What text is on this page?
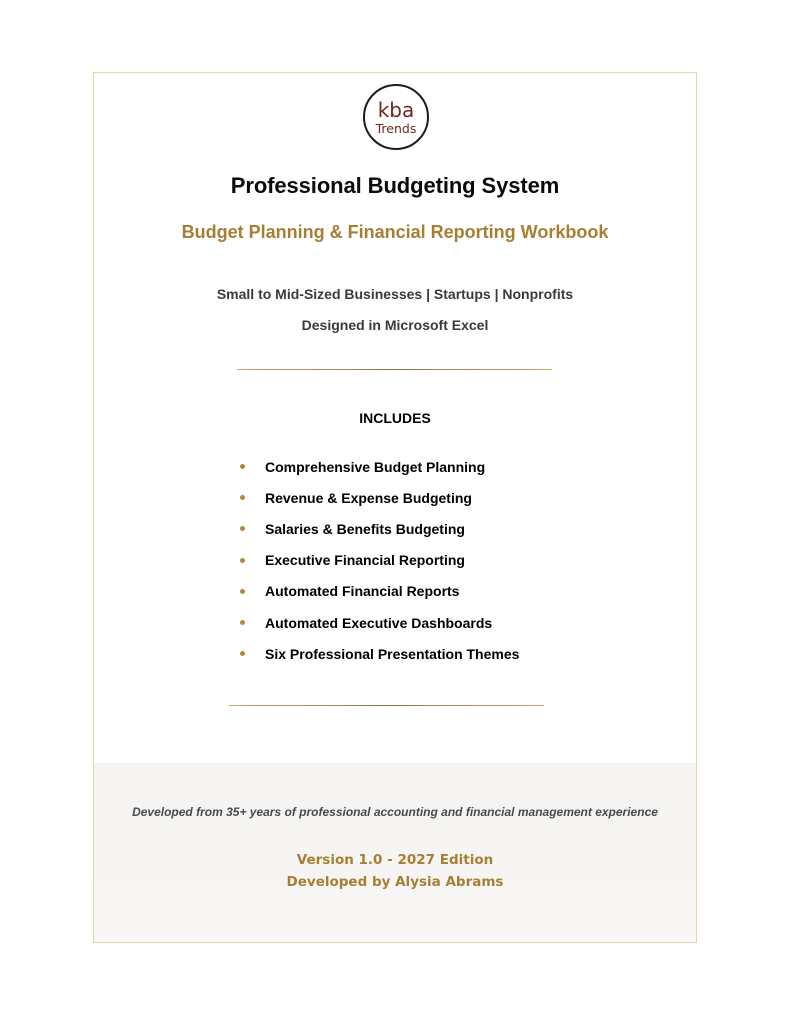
kba
Trends
Professional Budgeting System
Budget Planning & Financial Reporting Workbook
Small to Mid-Sized Businesses | Startups | Nonprofits
Designed in Microsoft Excel
INCLUDES
Comprehensive Budget Planning
Revenue & Expense Budgeting
Salaries & Benefits Budgeting
Executive Financial Reporting
Automated Financial Reports
Automated Executive Dashboards
Six Professional Presentation Themes
Developed from 35+ years of professional accounting and financial management experience
Version 1.0 - 2027 Edition
Developed by Alysia Abrams
